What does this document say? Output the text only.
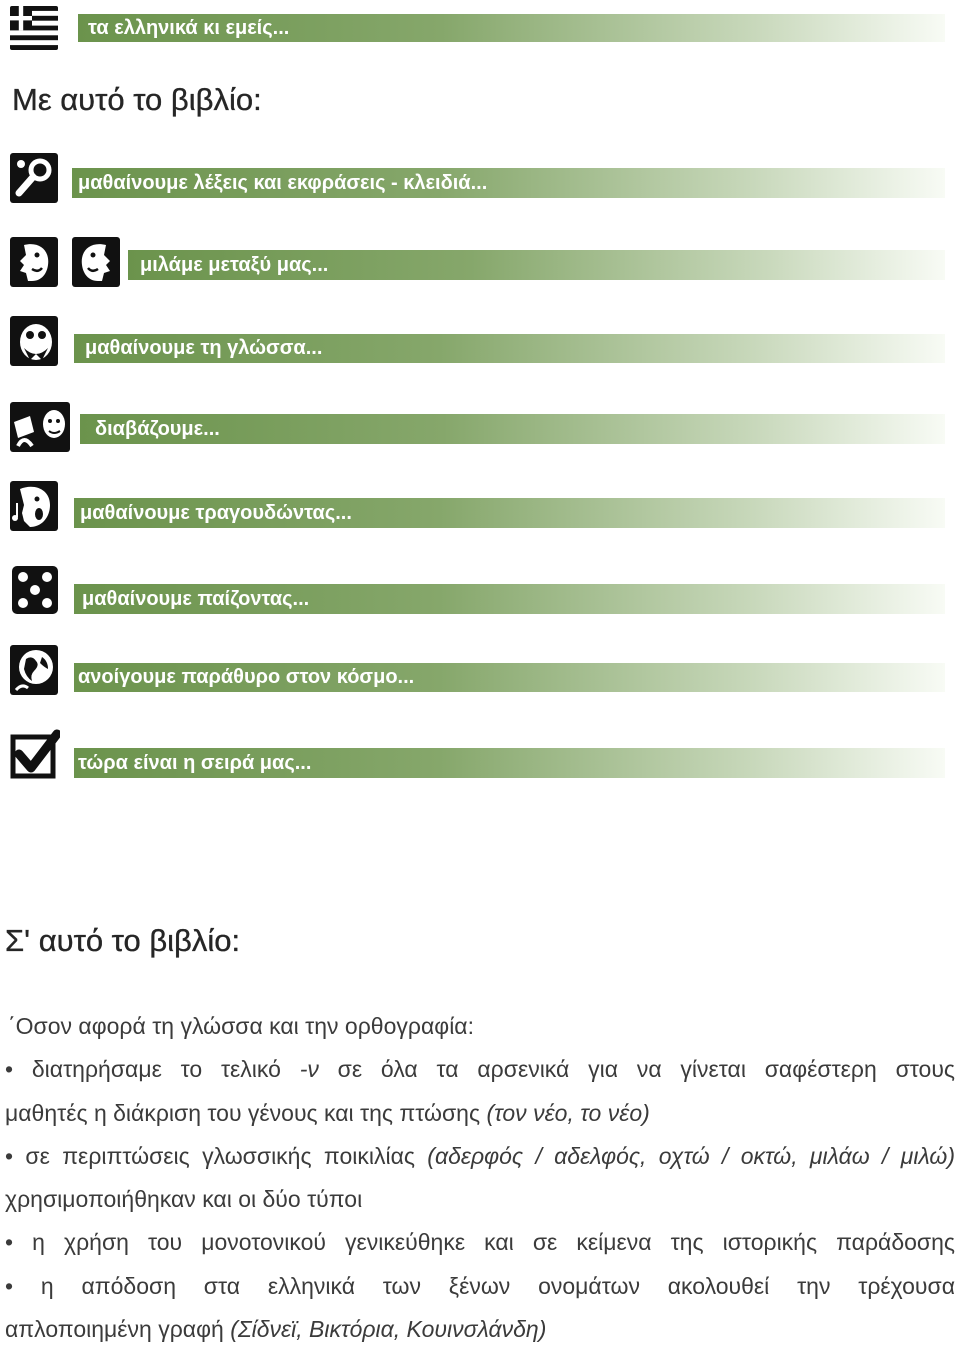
τα ελληνικά κι εμείς...
Με αυτό το βιβλίο:
μαθαίνουμε λέξεις και εκφράσεις - κλειδιά...
μιλάμε μεταξύ μας...
μαθαίνουμε τη γλώσσα...
διαβάζουμε...
μαθαίνουμε τραγουδώντας...
μαθαίνουμε παίζοντας...
ανοίγουμε παράθυρο στον κόσμο...
τώρα είναι η σειρά μας...
Σ' αυτό το βιβλίο:
΄Οσον αφορά τη γλώσσα και την ορθογραφία:
• διατηρήσαμε το τελικό -ν σε όλα τα αρσενικά για να γίνεται σαφέστερη στους
μαθητές η διάκριση του γένους και της πτώσης (τον νέο, το νέο)
• σε περιπτώσεις γλωσσικής ποικιλίας (αδερφός / αδελφός, οχτώ / οκτώ, μιλάω / μιλώ)
χρησιμοποιήθηκαν και οι δύο τύποι
• η χρήση του μονοτονικού γενικεύθηκε και σε κείμενα της ιστορικής παράδοσης
• η απόδοση στα ελληνικά των ξένων ονομάτων ακολουθεί την τρέχουσα
απλοποιημένη γραφή (Σίδνεϊ, Βικτόρια, Κουινσλάνδη)
